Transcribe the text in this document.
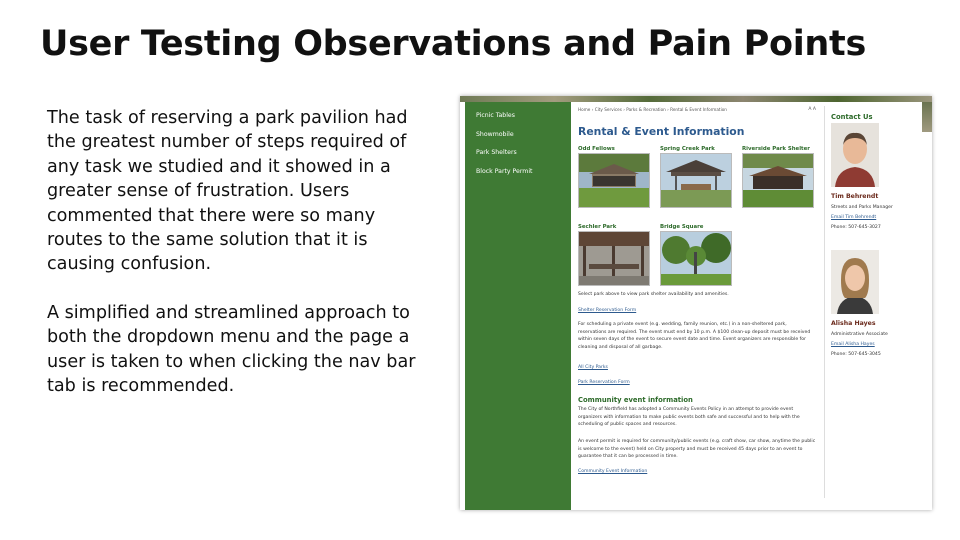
User Testing Observations and Pain Points

The task of reserving a park pavilion had the greatest number of steps required of any task we studied and it showed in a greater sense of frustration. Users commented that there were so many routes to the same solution that it is causing confusion.

A simplified and streamlined approach to both the dropdown menu and the page a user is taken to when clicking the nav bar tab is recommended.

Picnic Tables
Showmobile
Park Shelters
Block Party Permit
Home › City Services › Parks & Recreation › Rental & Event Information	A A
Rental & Event Information
Odd Fellows	Spring Creek Park	Riverside Park Shelter
Sechler Park	Bridge Square

Select park above to view park shelter availability and amenities.

Shelter Reservation Form

For scheduling a private event (e.g. wedding, family reunion, etc.) in a non-sheltered park, reservations are required. The event must end by 10 p.m. A $100 clean-up deposit must be received within seven days of the event to secure event date and time. Event organizers are responsible for cleaning and disposal of all garbage.

All City Parks
Park Reservation Form
Community event information

The City of Northfield has adopted a Community Events Policy in an attempt to provide event organizers with information to make public events both safe and successful and to help with the scheduling of public spaces and resources.

An event permit is required for community/public events (e.g. craft show, car show, anytime the public is welcome to the event) held on City property and must be received 45 days prior to an event to guarantee that it can be processed in time.

Community Event Information
Contact Us
Tim Behrendt
Streets and Parks Manager
Email Tim Behrendt
Phone: 507-645-3027
Alisha Hayes
Administrative Associate
Email Alisha Hayes
Phone: 507-645-3045
